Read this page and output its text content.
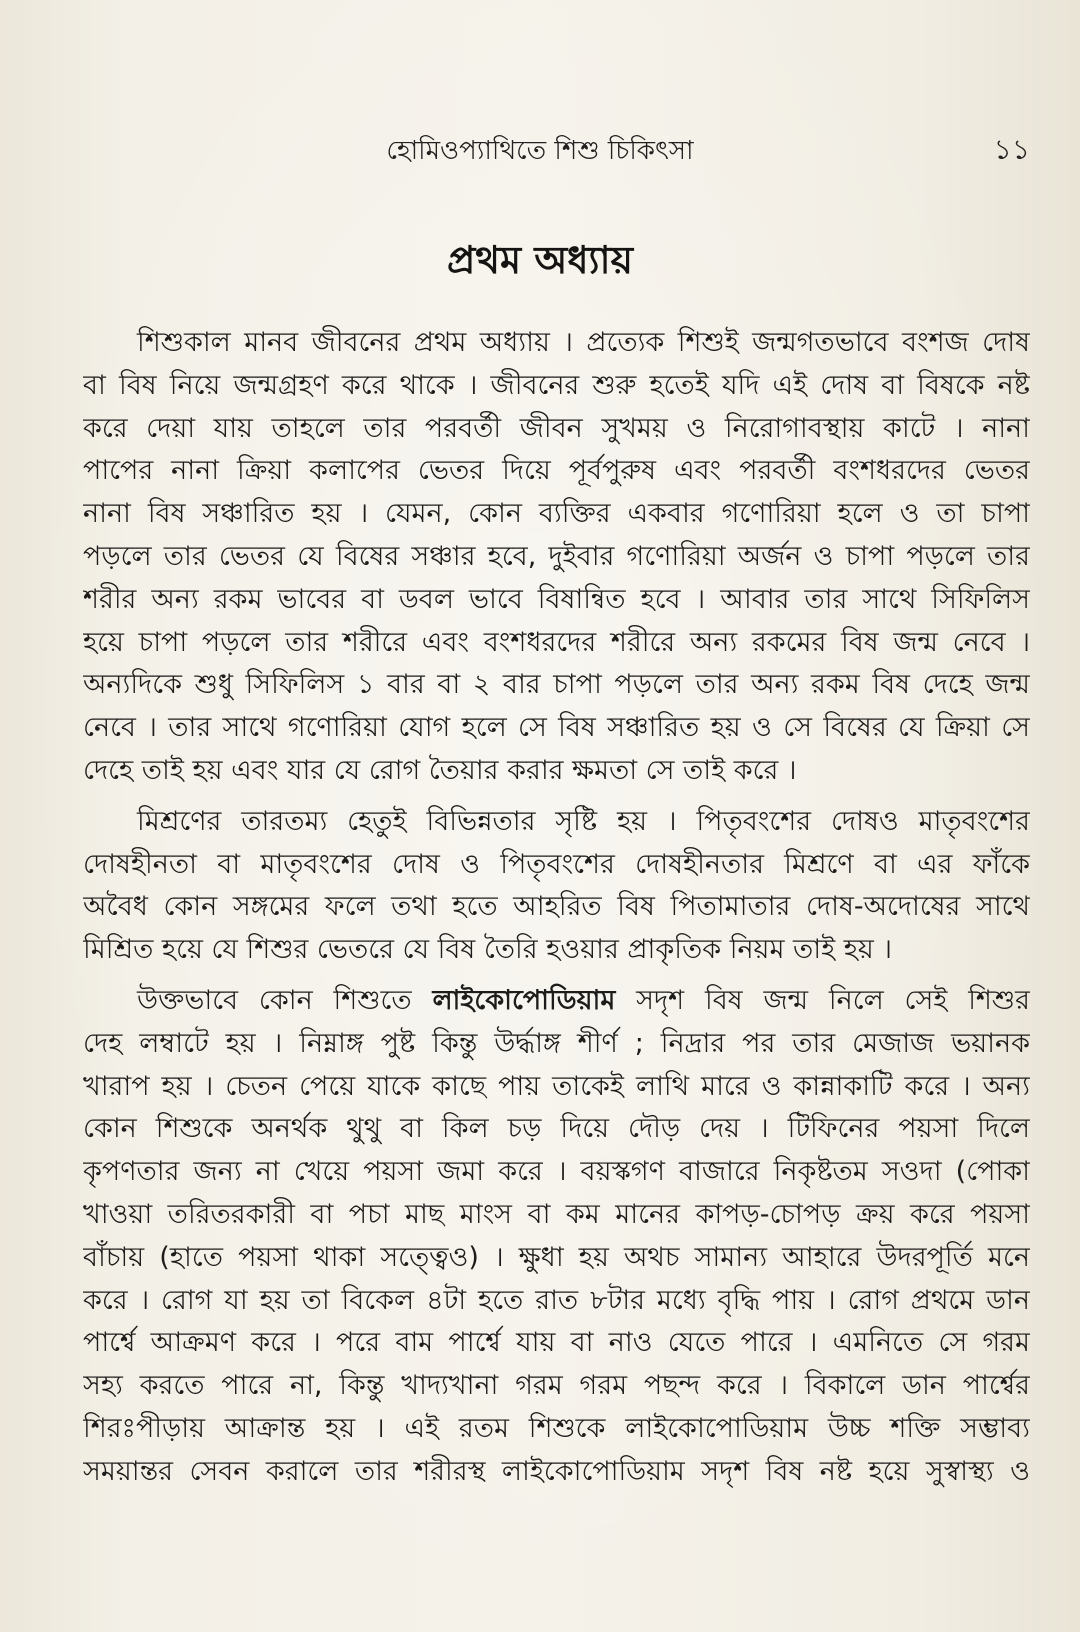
হোমিওপ্যাথিতে শিশু চিকিৎসা	১১
প্রথম অধ্যায়
শিশুকাল মানব জীবনের প্রথম অধ্যায় । প্রত্যেক শিশুই জন্মগতভাবে বংশজ দোষ
বা বিষ নিয়ে জন্মগ্রহণ করে থাকে । জীবনের শুরু হতেই যদি এই দোষ বা বিষকে নষ্ট
করে দেয়া যায় তাহলে তার পরবর্তী জীবন সুখময় ও নিরোগাবস্থায় কাটে । নানা
পাপের নানা ক্রিয়া কলাপের ভেতর দিয়ে পূর্বপুরুষ এবং পরবর্তী বংশধরদের ভেতর
নানা বিষ সঞ্চারিত হয় । যেমন, কোন ব্যক্তির একবার গণোরিয়া হলে ও তা চাপা
পড়লে তার ভেতর যে বিষের সঞ্চার হবে, দুইবার গণোরিয়া অর্জন ও চাপা পড়লে তার
শরীর অন্য রকম ভাবের বা ডবল ভাবে বিষান্বিত হবে । আবার তার সাথে সিফিলিস
হয়ে চাপা পড়লে তার শরীরে এবং বংশধরদের শরীরে অন্য রকমের বিষ জন্ম নেবে ।
অন্যদিকে শুধু সিফিলিস ১ বার বা ২ বার চাপা পড়লে তার অন্য রকম বিষ দেহে জন্ম
নেবে । তার সাথে গণোরিয়া যোগ হলে সে বিষ সঞ্চারিত হয় ও সে বিষের যে ক্রিয়া সে
দেহে তাই হয় এবং যার যে রোগ তৈয়ার করার ক্ষমতা সে তাই করে ।
মিশ্রণের তারতম্য হেতুই বিভিন্নতার সৃষ্টি হয় । পিতৃবংশের দোষও মাতৃবংশের
দোষহীনতা বা মাতৃবংশের দোষ ও পিতৃবংশের দোষহীনতার মিশ্রণে বা এর ফাঁকে
অবৈধ কোন সঙ্গমের ফলে তথা হতে আহরিত বিষ পিতামাতার দোষ-অদোষের সাথে
মিশ্রিত হয়ে যে শিশুর ভেতরে যে বিষ তৈরি হওয়ার প্রাকৃতিক নিয়ম তাই হয় ।
উক্তভাবে কোন শিশুতে লাইকোপোডিয়াম সদৃশ বিষ জন্ম নিলে সেই শিশুর
দেহ লম্বাটে হয় । নিম্নাঙ্গ পুষ্ট কিন্তু উর্দ্ধাঙ্গ শীর্ণ ; নিদ্রার পর তার মেজাজ ভয়ানক
খারাপ হয় । চেতন পেয়ে যাকে কাছে পায় তাকেই লাথি মারে ও কান্নাকাটি করে । অন্য
কোন শিশুকে অনর্থক থুথু বা কিল চড় দিয়ে দৌড় দেয় । টিফিনের পয়সা দিলে
কৃপণতার জন্য না খেয়ে পয়সা জমা করে । বয়স্কগণ বাজারে নিকৃষ্টতম সওদা (পোকা
খাওয়া তরিতরকারী বা পচা মাছ মাংস বা কম মানের কাপড়-চোপড় ক্রয় করে পয়সা
বাঁচায় (হাতে পয়সা থাকা সত্ত্বেও) । ক্ষুধা হয় অথচ সামান্য আহারে উদরপূর্তি মনে
করে । রোগ যা হয় তা বিকেল ৪টা হতে রাত ৮টার মধ্যে বৃদ্ধি পায় । রোগ প্রথমে ডান
পার্শ্বে আক্রমণ করে । পরে বাম পার্শ্বে যায় বা নাও যেতে পারে । এমনিতে সে গরম
সহ্য করতে পারে না, কিন্তু খাদ্যখানা গরম গরম পছন্দ করে । বিকালে ডান পার্শ্বের
শিরঃপীড়ায় আক্রান্ত হয় । এই রতম শিশুকে লাইকোপোডিয়াম উচ্চ শক্তি সম্ভাব্য
সময়ান্তর সেবন করালে তার শরীরস্থ লাইকোপোডিয়াম সদৃশ বিষ নষ্ট হয়ে সুস্বাস্থ্য ও
